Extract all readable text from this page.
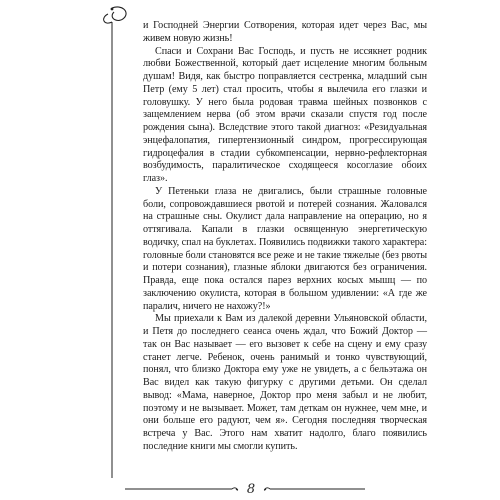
и Господней Энергии Сотворения, которая идет через Вас, мы живем новую жизнь!

Спаси и Сохрани Вас Господь, и пусть не иссякнет родник любви Божественной, который дает исцеление многим больным душам! Видя, как быстро поправляется сестренка, младший сын Петр (ему 5 лет) стал просить, чтобы я вылечила его глазки и головушку. У него была родовая травма шейных позвонков с защемлением нерва (об этом врачи сказали спустя год после рождения сына). Вследствие этого такой диагноз: «Резидуальная энцефалопатия, гипертензионный синдром, прогрессирующая гидроцефалия в стадии субкомпенсации, нервно-рефлекторная возбудимость, паралитическое сходящееся косоглазие обоих глаз».

У Петеньки глаза не двигались, были страшные головные боли, сопровождавшиеся рвотой и потерей сознания. Жаловался на страшные сны. Окулист дала направление на операцию, но я оттягивала. Капали в глазки освященную энергетическую водичку, спал на буклетах. Появились подвижки такого характера: головные боли становятся все реже и не такие тяжелые (без рвоты и потери сознания), глазные яблоки двигаются без ограничения. Правда, еще пока остался парез верхних косых мышц — по заключению окулиста, которая в большом удивлении: «А где же паралич, ничего не нахожу?!»

Мы приехали к Вам из далекой деревни Ульяновской области, и Петя до последнего сеанса очень ждал, что Божий Доктор — так он Вас называет — его вызовет к себе на сцену и ему сразу станет легче. Ребенок, очень ранимый и тонко чувствующий, понял, что близко Доктора ему уже не увидеть, а с бельэтажа он Вас видел как такую фигурку с другими детьми. Он сделал вывод: «Мама, наверное, Доктор про меня забыл и не любит, поэтому и не вызывает. Может, там деткам он нужнее, чем мне, и они больше его радуют, чем я». Сегодня последняя творческая встреча у Вас. Этого нам хватит надолго, благо появились последние книги мы смогли купить.

8
